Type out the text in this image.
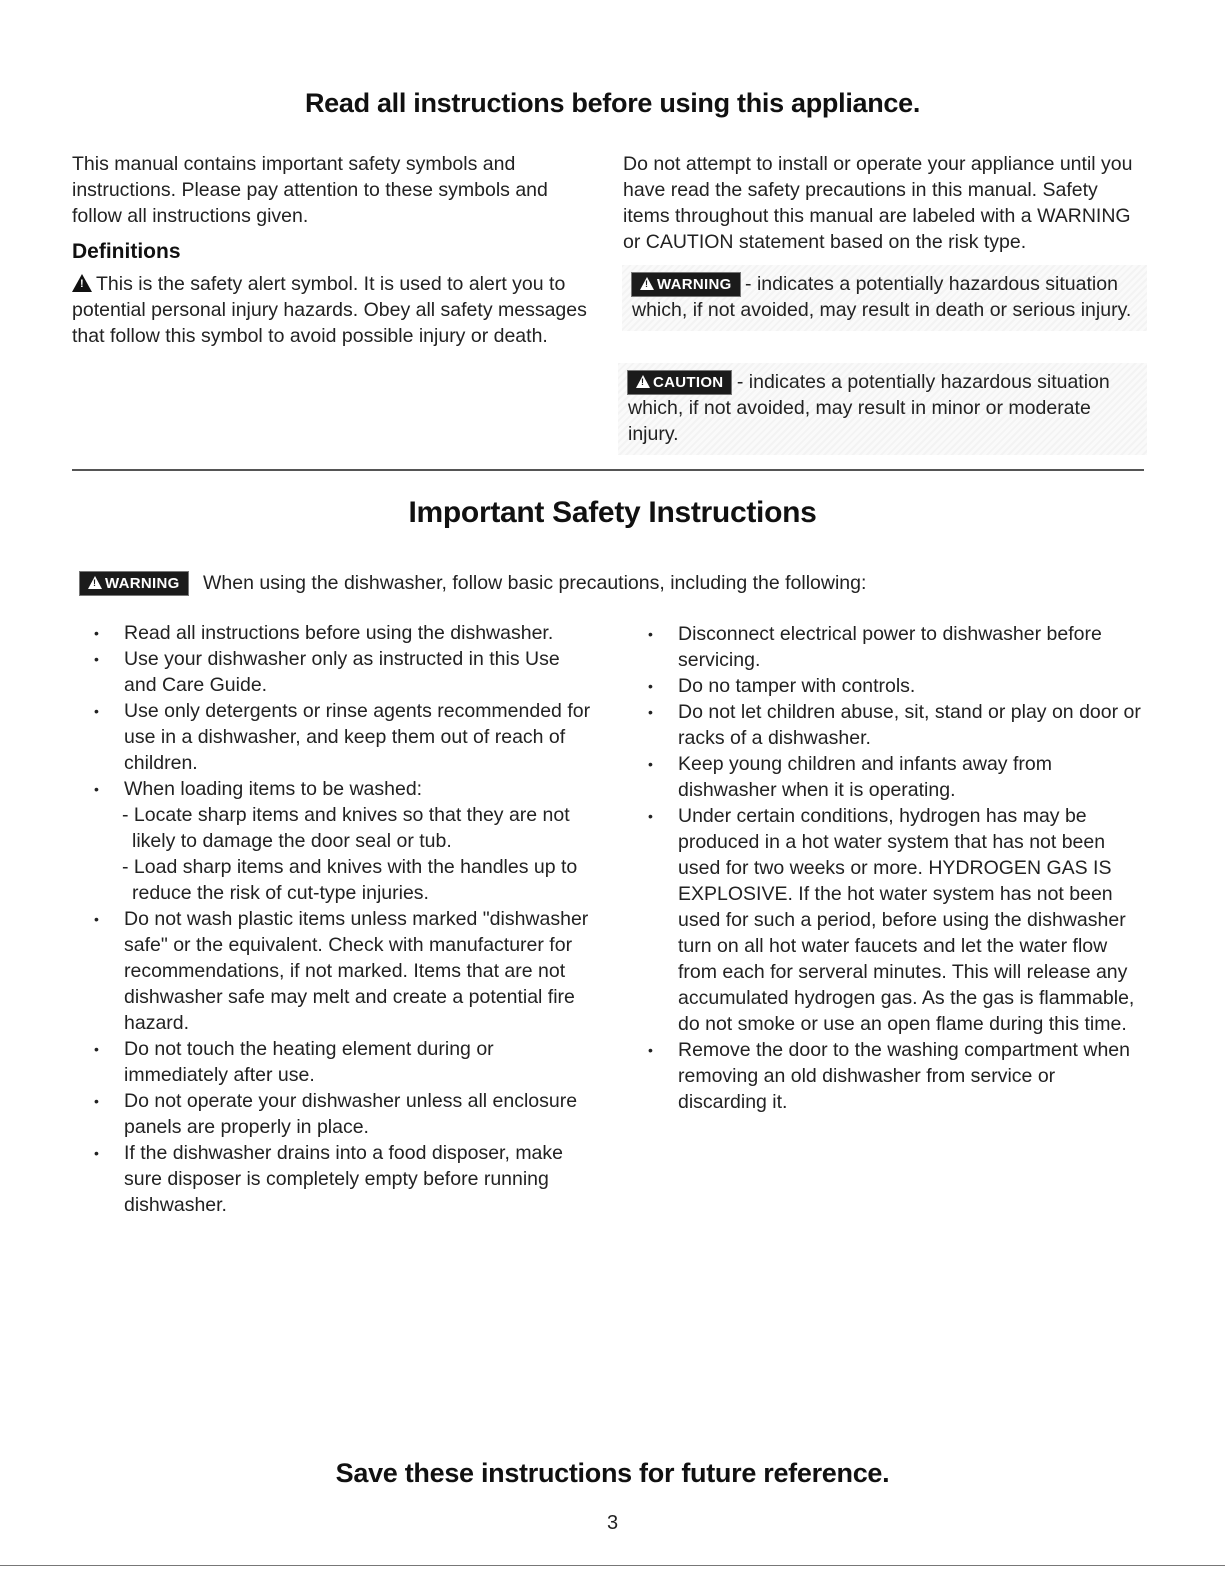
Read all instructions before using this appliance.

This manual contains important safety symbols and instructions. Please pay attention to these symbols and follow all instructions given.

Definitions

!This is the safety alert symbol. It is used to alert you to potential personal injury hazards. Obey all safety messages that follow this symbol to avoid possible injury or death.

Do not attempt to install or operate your appliance until you have read the safety precautions in this manual. Safety items throughout this manual are labeled with a WARNING or CAUTION statement based on the risk type.

!WARNING - indicates a potentially hazardous situation which, if not avoided, may result in death or serious injury.
!CAUTION - indicates a potentially hazardous situation which, if not avoided, may result in minor or moderate injury.
Important Safety Instructions
!WARNING When using the dishwasher, follow basic precautions, including the following:
• Read all instructions before using the dishwasher.
• Use your dishwasher only as instructed in this Use and Care Guide.
• Use only detergents or rinse agents recommended for use in a dishwasher, and keep them out of reach of children.
• When loading items to be washed:
- Locate sharp items and knives so that they are not likely to damage the door seal or tub.
- Load sharp items and knives with the handles up to reduce the risk of cut-type injuries.
• Do not wash plastic items unless marked "dishwasher safe" or the equivalent. Check with manufacturer for recommendations, if not marked. Items that are not dishwasher safe may melt and create a potential fire hazard.
• Do not touch the heating element during or immediately after use.
• Do not operate your dishwasher unless all enclosure panels are properly in place.
• If the dishwasher drains into a food disposer, make sure disposer is completely empty before running dishwasher.
• Disconnect electrical power to dishwasher before servicing.
• Do no tamper with controls.
• Do not let children abuse, sit, stand or play on door or racks of a dishwasher.
• Keep young children and infants away from dishwasher when it is operating.
• Under certain conditions, hydrogen has may be produced in a hot water system that has not been used for two weeks or more. HYDROGEN GAS IS EXPLOSIVE. If the hot water system has not been used for such a period, before using the dishwasher turn on all hot water faucets and let the water flow from each for serveral minutes. This will release any accumulated hydrogen gas. As the gas is flammable, do not smoke or use an open flame during this time.
• Remove the door to the washing compartment when removing an old dishwasher from service or discarding it.
Save these instructions for future reference.
3
